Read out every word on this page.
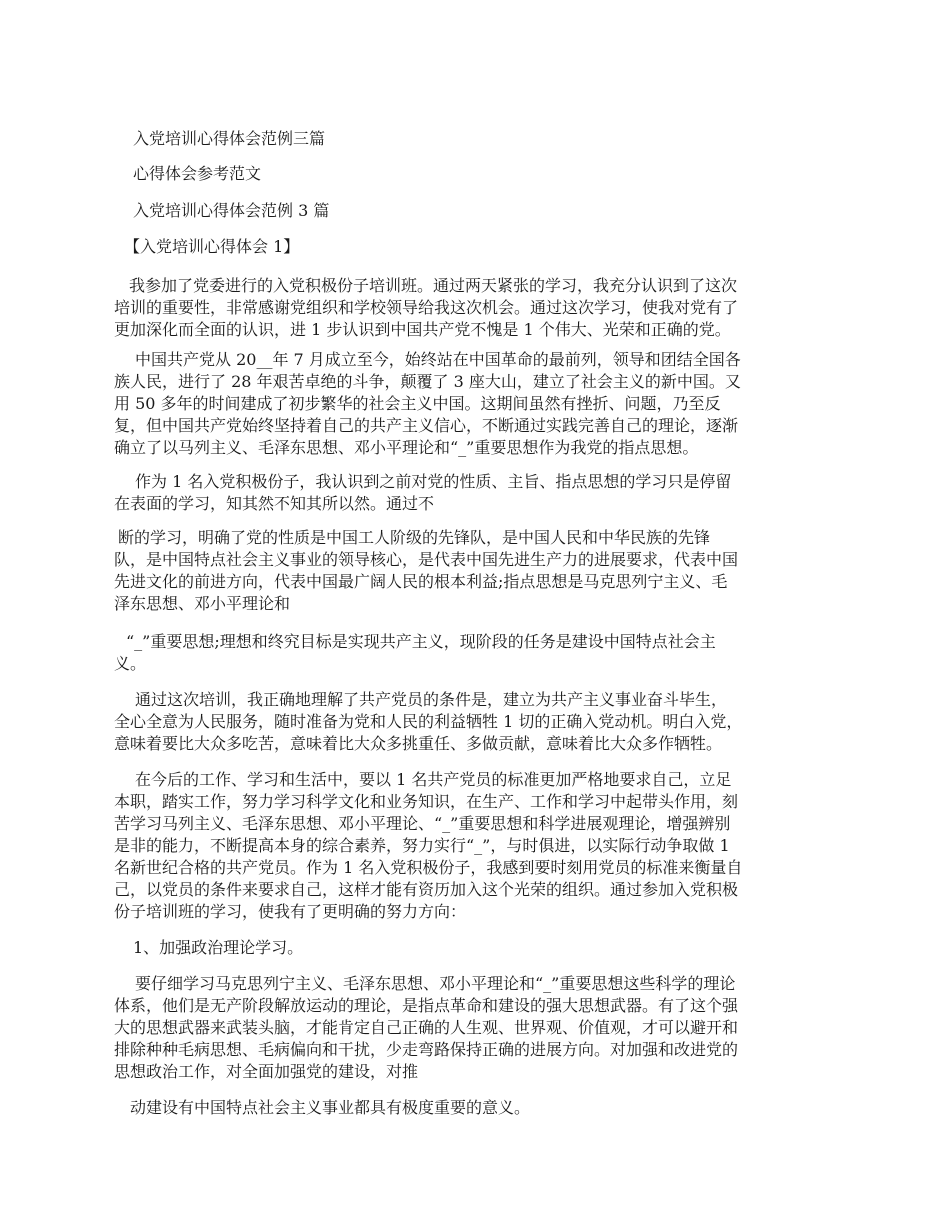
入党培训心得体会范例三篇
心得体会参考范文
入党培训心得体会范例 3 篇
【入党培训心得体会 1】
我参加了党委进行的入党积极份子培训班。通过两天紧张的学习，我充分认识到了这次
培训的重要性，非常感谢党组织和学校领导给我这次机会。通过这次学习，使我对党有了
更加深化而全面的认识，进 1 步认识到中国共产党不愧是 1 个伟大、光荣和正确的党。
中国共产党从 20__年 7 月成立至今，始终站在中国革命的最前列，领导和团结全国各
族人民，进行了 28 年艰苦卓绝的斗争，颠覆了 3 座大山，建立了社会主义的新中国。又
用 50 多年的时间建成了初步繁华的社会主义中国。这期间虽然有挫折、问题，乃至反
复，但中国共产党始终坚持着自己的共产主义信心，不断通过实践完善自己的理论，逐渐
确立了以马列主义、毛泽东思想、邓小平理论和“_”重要思想作为我党的指点思想。
作为 1 名入党积极份子，我认识到之前对党的性质、主旨、指点思想的学习只是停留
在表面的学习，知其然不知其所以然。通过不
断的学习，明确了党的性质是中国工人阶级的先锋队，是中国人民和中华民族的先锋
队，是中国特点社会主义事业的领导核心，是代表中国先进生产力的进展要求，代表中国
先进文化的前进方向，代表中国最广阔人民的根本利益;指点思想是马克思列宁主义、毛
泽东思想、邓小平理论和
“_”重要思想;理想和终究目标是实现共产主义，现阶段的任务是建设中国特点社会主
义。
通过这次培训，我正确地理解了共产党员的条件是，建立为共产主义事业奋斗毕生，
全心全意为人民服务，随时准备为党和人民的利益牺牲 1 切的正确入党动机。明白入党，
意味着要比大众多吃苦，意味着比大众多挑重任、多做贡献，意味着比大众多作牺牲。
在今后的工作、学习和生活中，要以 1 名共产党员的标准更加严格地要求自己，立足
本职，踏实工作，努力学习科学文化和业务知识，在生产、工作和学习中起带头作用，刻
苦学习马列主义、毛泽东思想、邓小平理论、“_”重要思想和科学进展观理论，增强辨别
是非的能力，不断提高本身的综合素养，努力实行“_”，与时俱进，以实际行动争取做 1
名新世纪合格的共产党员。作为 1 名入党积极份子，我感到要时刻用党员的标准来衡量自
己，以党员的条件来要求自己，这样才能有资历加入这个光荣的组织。通过参加入党积极
份子培训班的学习，使我有了更明确的努力方向：
1、加强政治理论学习。
要仔细学习马克思列宁主义、毛泽东思想、邓小平理论和“_”重要思想这些科学的理论
体系，他们是无产阶段解放运动的理论，是指点革命和建设的强大思想武器。有了这个强
大的思想武器来武装头脑，才能肯定自己正确的人生观、世界观、价值观，才可以避开和
排除种种毛病思想、毛病偏向和干扰，少走弯路保持正确的进展方向。对加强和改进党的
思想政治工作，对全面加强党的建设，对推
动建设有中国特点社会主义事业都具有极度重要的意义。
